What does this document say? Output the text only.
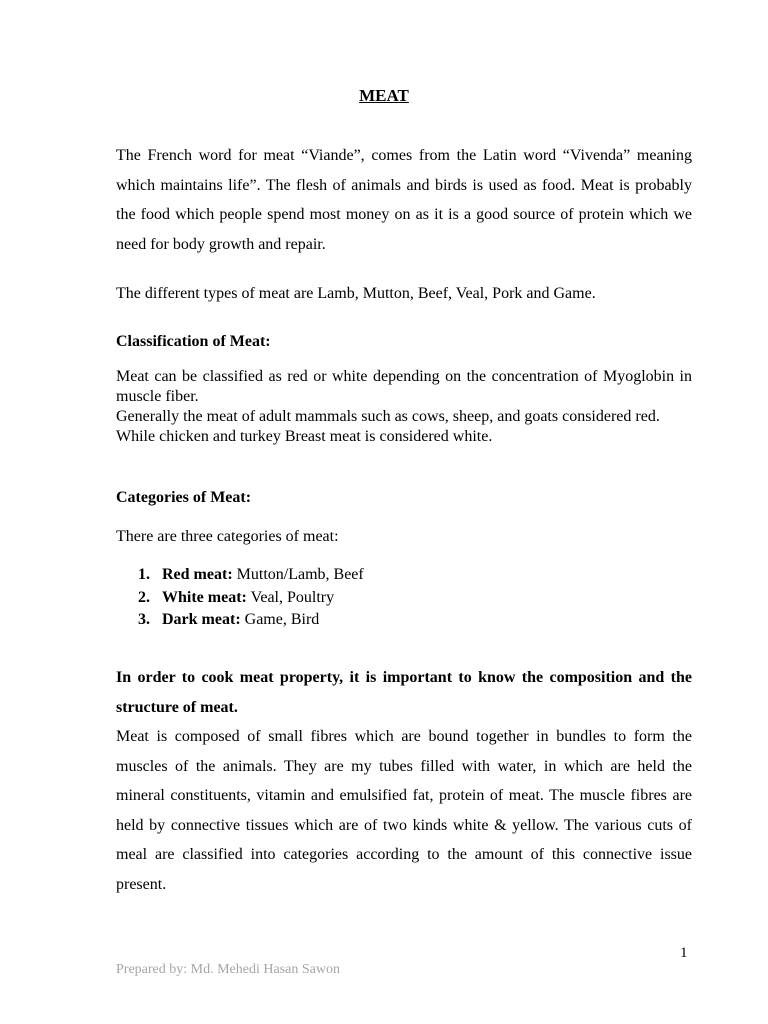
MEAT

The French word for meat “Viande”, comes from the Latin word “Vivenda” meaning which maintains life”. The flesh of animals and birds is used as food. Meat is probably the food which people spend most money on as it is a good source of protein which we need for body growth and repair.

The different types of meat are Lamb, Mutton, Beef, Veal, Pork and Game.

Classification of Meat:

Meat can be classified as red or white depending on the concentration of Myoglobin in muscle fiber.
Generally the meat of adult mammals such as cows, sheep, and goats considered red.
While chicken and turkey Breast meat is considered white.

Categories of Meat:

There are three categories of meat:

1. Red meat: Mutton/Lamb, Beef
2. White meat: Veal, Poultry
3. Dark meat: Game, Bird

In order to cook meat property, it is important to know the composition and the structure of meat.

Meat is composed of small fibres which are bound together in bundles to form the muscles of the animals. They are my tubes filled with water, in which are held the mineral constituents, vitamin and emulsified fat, protein of meat. The muscle fibres are held by connective tissues which are of two kinds white & yellow. The various cuts of meal are classified into categories according to the amount of this connective issue present.

1
Prepared by: Md. Mehedi Hasan Sawon
